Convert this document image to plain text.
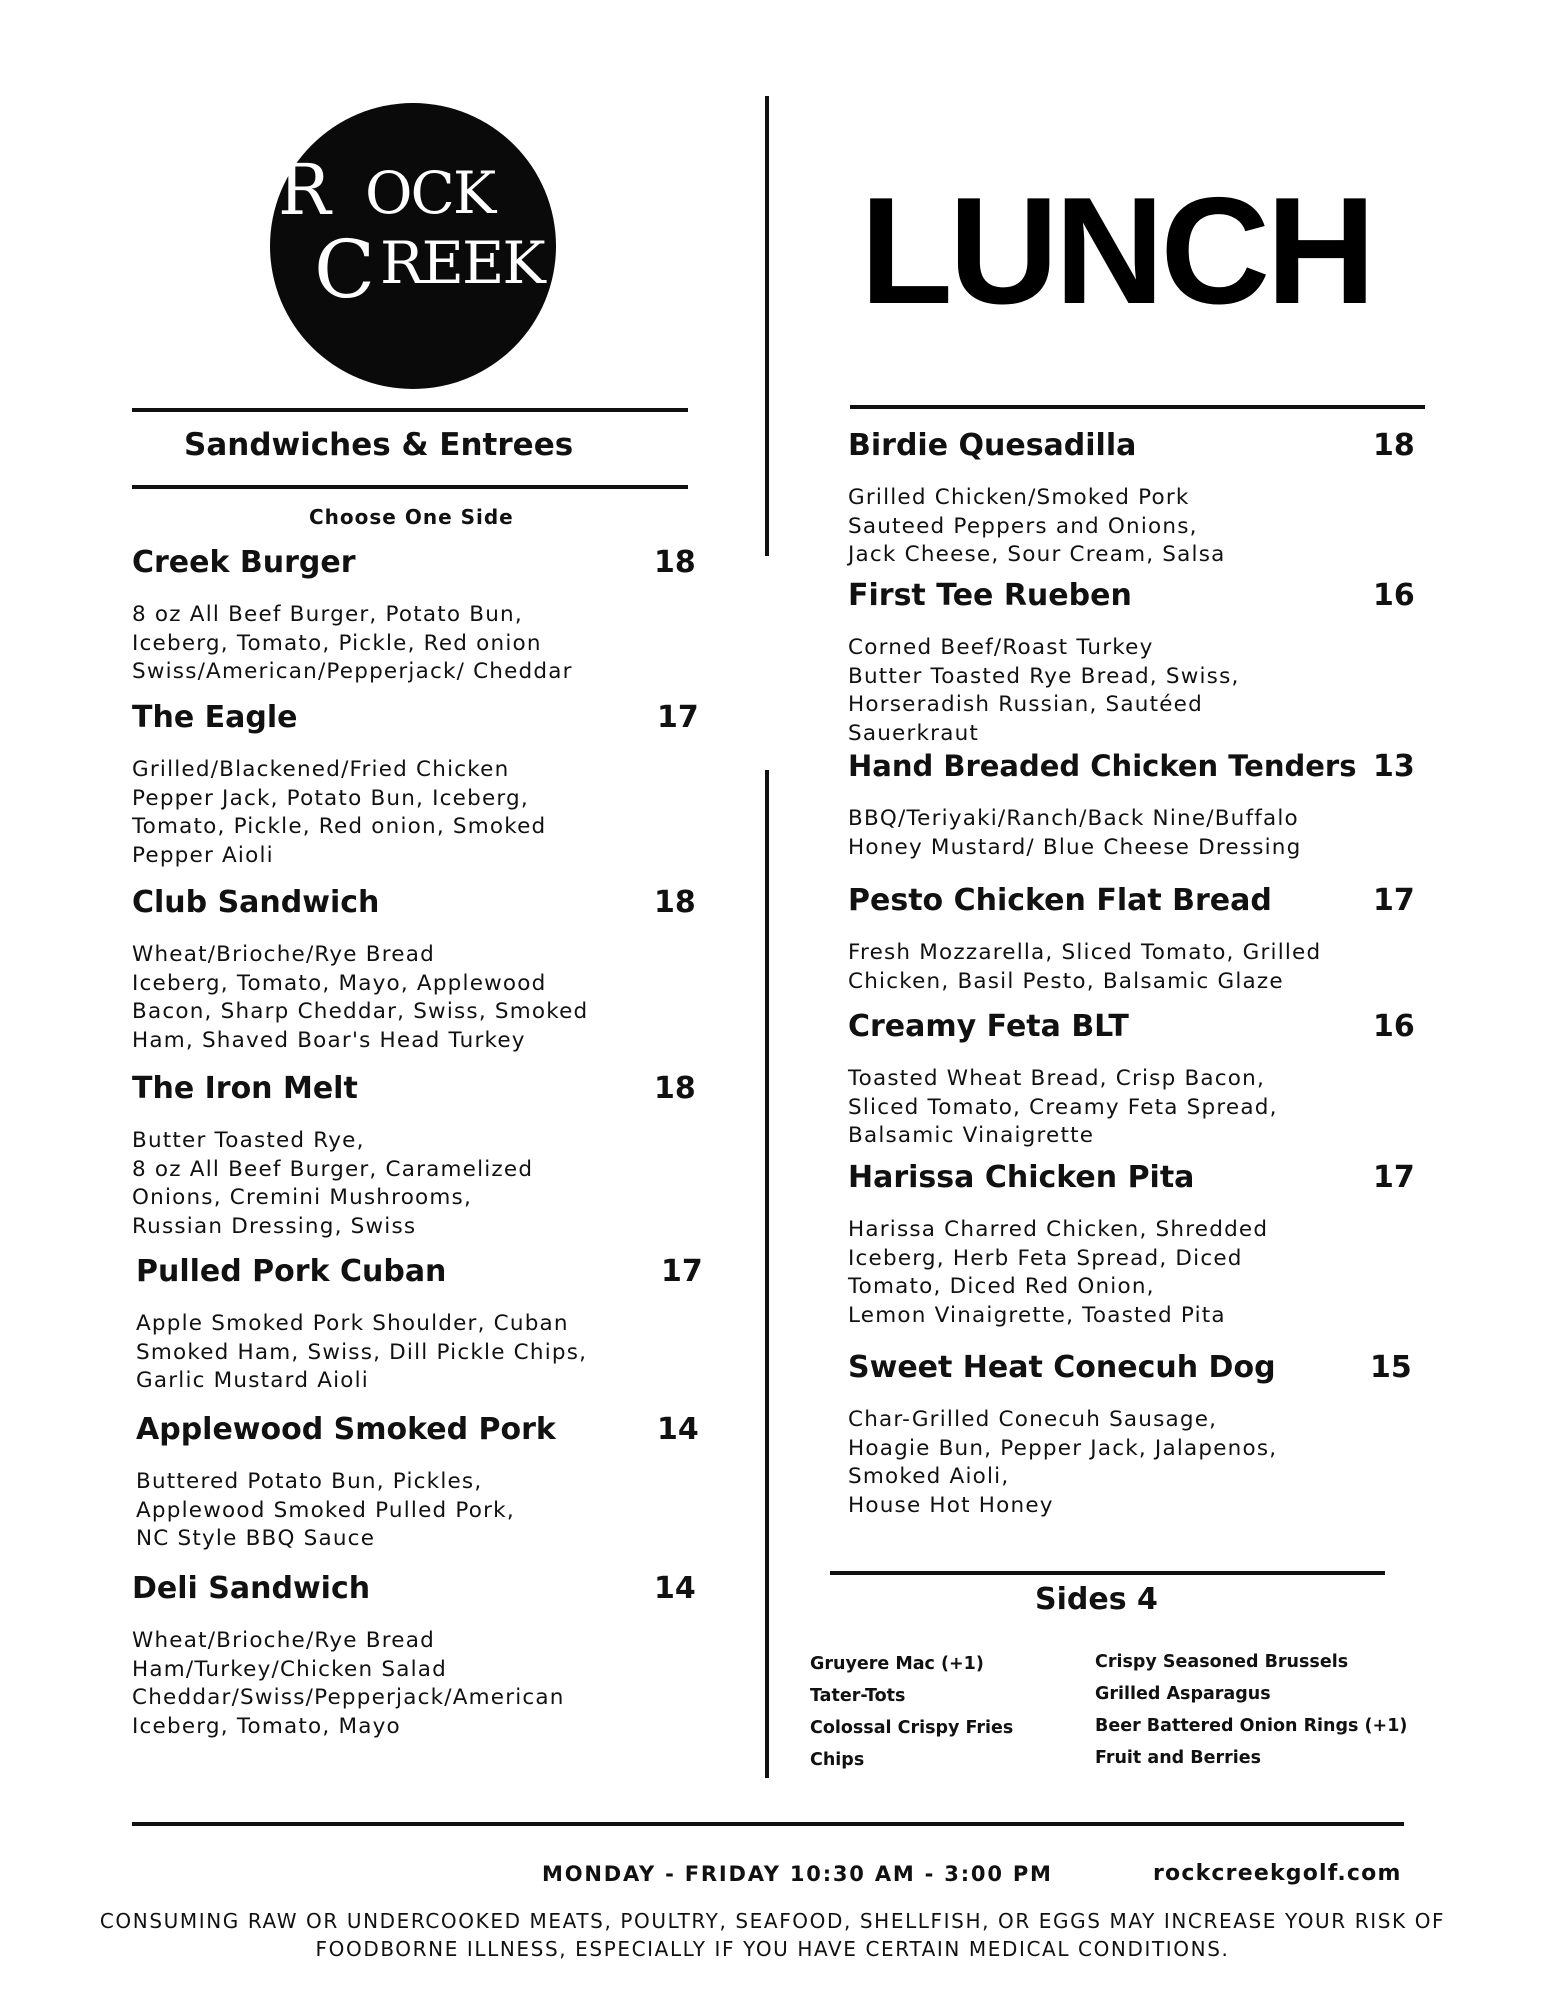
R OCK
C REEK LUNCH
Sandwiches & Entrees
Choose One Side
Creek Burger	18
8 oz All Beef Burger, Potato Bun,
Iceberg, Tomato, Pickle, Red onion
Swiss/American/Pepperjack/ Cheddar
The Eagle	17
Grilled/Blackened/Fried Chicken
Pepper Jack, Potato Bun, Iceberg,
Tomato, Pickle, Red onion, Smoked
Pepper Aioli
Club Sandwich	18
Wheat/Brioche/Rye Bread
Iceberg, Tomato, Mayo, Applewood
Bacon, Sharp Cheddar, Swiss, Smoked
Ham, Shaved Boar's Head Turkey
The Iron Melt	18
Butter Toasted Rye,
8 oz All Beef Burger, Caramelized
Onions, Cremini Mushrooms,
Russian Dressing, Swiss
Pulled Pork Cuban	17
Apple Smoked Pork Shoulder, Cuban
Smoked Ham, Swiss, Dill Pickle Chips,
Garlic Mustard Aioli
Applewood Smoked Pork	14
Buttered Potato Bun, Pickles,
Applewood Smoked Pulled Pork,
NC Style BBQ Sauce
Deli Sandwich	14
Wheat/Brioche/Rye Bread
Ham/Turkey/Chicken Salad
Cheddar/Swiss/Pepperjack/American
Iceberg, Tomato, Mayo
Birdie Quesadilla	18
Grilled Chicken/Smoked Pork
Sauteed Peppers and Onions,
Jack Cheese, Sour Cream, Salsa
First Tee Rueben	16
Corned Beef/Roast Turkey
Butter Toasted Rye Bread, Swiss,
Horseradish Russian, Sautéed
Sauerkraut
Hand Breaded Chicken Tenders 13
BBQ/Teriyaki/Ranch/Back Nine/Buffalo
Honey Mustard/ Blue Cheese Dressing
Pesto Chicken Flat Bread	17
Fresh Mozzarella, Sliced Tomato, Grilled
Chicken, Basil Pesto, Balsamic Glaze
Creamy Feta BLT	16
Toasted Wheat Bread, Crisp Bacon,
Sliced Tomato, Creamy Feta Spread,
Balsamic Vinaigrette
Harissa Chicken Pita	17
Harissa Charred Chicken, Shredded
Iceberg, Herb Feta Spread, Diced
Tomato, Diced Red Onion,
Lemon Vinaigrette, Toasted Pita
Sweet Heat Conecuh Dog	15
Char-Grilled Conecuh Sausage,
Hoagie Bun, Pepper Jack, Jalapenos,
Smoked Aioli,
House Hot Honey
Sides 4
Gruyere Mac (+1)
Tater-Tots
Colossal Crispy Fries
Chips
Crispy Seasoned Brussels
Grilled Asparagus
Beer Battered Onion Rings (+1)
Fruit and Berries
MONDAY - FRIDAY 10:30 AM - 3:00 PM	rockcreekgolf.com
CONSUMING RAW OR UNDERCOOKED MEATS, POULTRY, SEAFOOD, SHELLFISH, OR EGGS MAY INCREASE YOUR RISK OF
FOODBORNE ILLNESS, ESPECIALLY IF YOU HAVE CERTAIN MEDICAL CONDITIONS.
